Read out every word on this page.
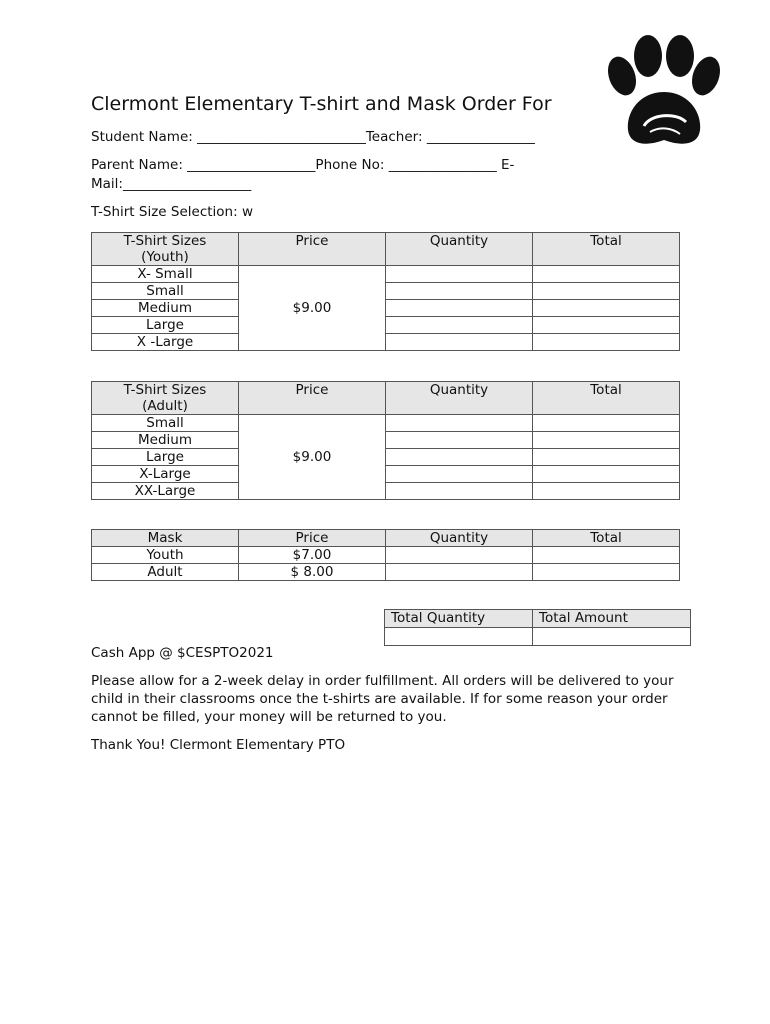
Clermont Elementary T-shirt and Mask Order For

Student Name: _________________________Teacher: ________________

Parent Name: ___________________Phone No: ________________ E-

Mail:___________________

T-Shirt Size Selection: w

T-Shirt Sizes
(Youth)	Price	Quantity	Total
X- Small	$9.00		
Small			
Medium			
Large			
X -Large			
T-Shirt Sizes
(Adult)	Price	Quantity	Total
Small	$9.00		
Medium			
Large			
X-Large			
XX-Large			
Mask	Price	Quantity	Total
Youth	$7.00		
Adult	$ 8.00		
Total Quantity	Total Amount

Cash App @ $CESPTO2021

Please allow for a 2-week delay in order fulfillment. All orders will be delivered to your child in their classrooms once the t-shirts are available. If for some reason your order cannot be filled, your money will be returned to you.

Thank You! Clermont Elementary PTO
